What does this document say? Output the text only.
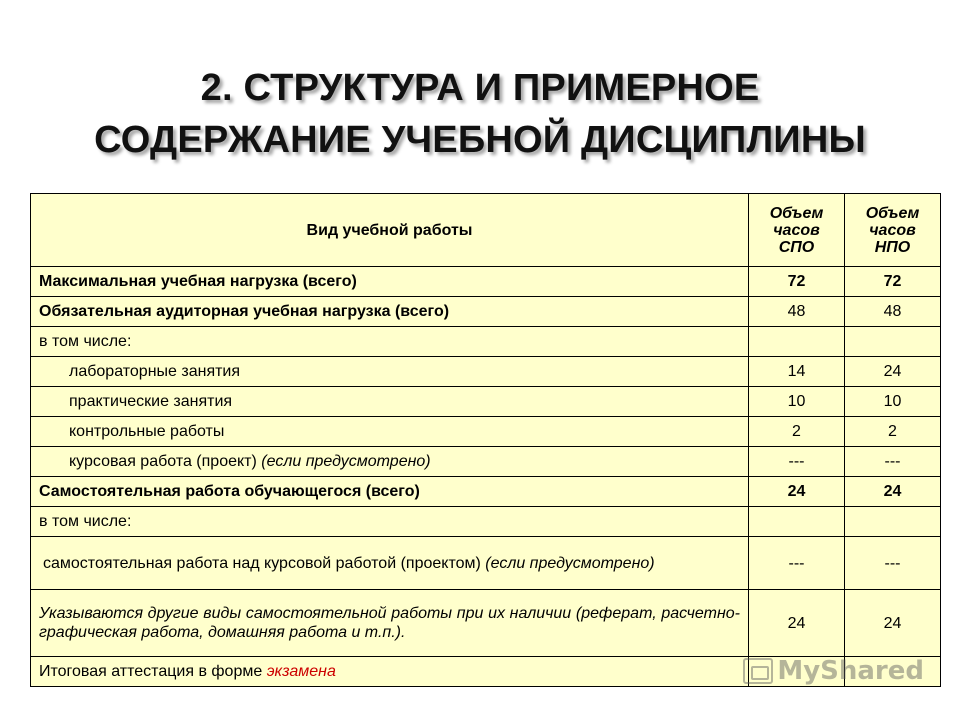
2. СТРУКТУРА И ПРИМЕРНОЕ
СОДЕРЖАНИЕ УЧЕБНОЙ ДИСЦИПЛИНЫ
Вид учебной работы	Объем часов СПО	Объем часов НПО
Максимальная учебная нагрузка (всего)	72	72
Обязательная аудиторная учебная нагрузка (всего)	48	48
в том числе:		
лабораторные занятия	14	24
практические занятия	10	10
контрольные работы	2	2
курсовая работа (проект) (если предусмотрено)	---	---
Самостоятельная работа обучающегося (всего)	24	24
в том числе:		
самостоятельная работа над курсовой работой (проектом) (если предусмотрено)	---	---
Указываются другие виды самостоятельной работы при их наличии (реферат, расчетно-графическая работа, домашняя работа и т.п.).	24	24
Итоговая аттестация в форме экзамена			MyShared
